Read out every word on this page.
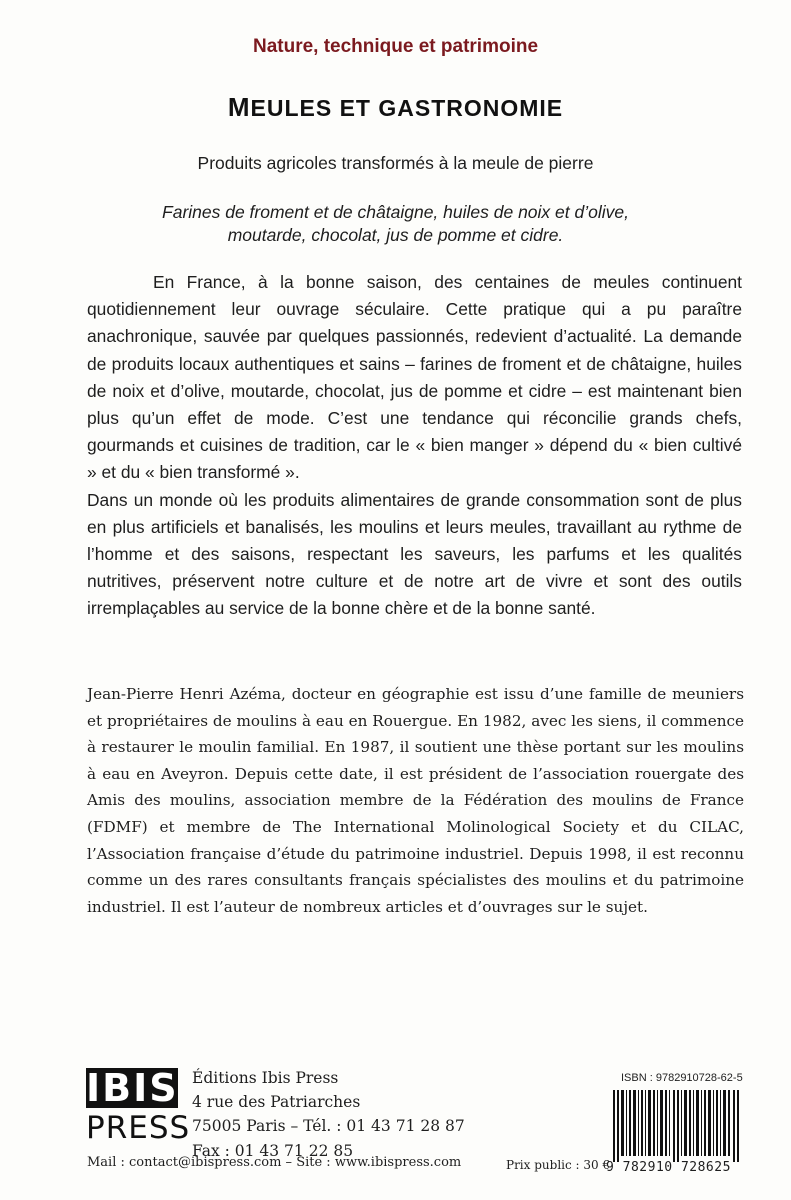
Nature, technique et patrimoine
MEULES ET GASTRONOMIE
Produits agricoles transformés à la meule de pierre
Farines de froment et de châtaigne, huiles de noix et d’olive,
moutarde, chocolat, jus de pomme et cidre.

En France, à la bonne saison, des centaines de meules continuent quotidiennement leur ouvrage séculaire. Cette pratique qui a pu paraître anachronique, sauvée par quelques passionnés, redevient d’actualité. La demande de produits locaux authentiques et sains – farines de froment et de châtaigne, huiles de noix et d’olive, moutarde, chocolat, jus de pomme et cidre – est maintenant bien plus qu’un effet de mode. C’est une tendance qui réconcilie grands chefs, gourmands et cuisines de tradition, car le « bien manger » dépend du « bien cultivé » et du « bien transformé ».

Dans un monde où les produits alimentaires de grande consommation sont de plus en plus artificiels et banalisés, les moulins et leurs meules, travaillant au rythme de l’homme et des saisons, respectant les saveurs, les parfums et les qualités nutritives, préservent notre culture et de notre art de vivre et sont des outils irremplaçables au service de la bonne chère et de la bonne santé.

Jean-Pierre Henri Azéma, docteur en géographie est issu d’une famille de meuniers et propriétaires de moulins à eau en Rouergue. En 1982, avec les siens, il commence à restaurer le moulin familial. En 1987, il soutient une thèse portant sur les moulins à eau en Aveyron. Depuis cette date, il est président de l’association rouergate des Amis des moulins, association membre de la Fédération des moulins de France (FDMF) et membre de The International Molinological Society et du CILAC, l’Association française d’étude du patrimoine industriel. Depuis 1998, il est reconnu comme un des rares consultants français spécialistes des moulins et du patrimoine industriel. Il est l’auteur de nombreux articles et d’ouvrages sur le sujet.
IBIS
PRESS
Éditions Ibis Press
4 rue des Patriarches
75005 Paris – Tél. : 01 43 71 28 87
Fax : 01 43 71 22 85
Mail : contact@ibispress.com – Site : www.ibispress.com
ISBN : 9782910728-62-5
9 782910 728625
Prix public : 30 €
